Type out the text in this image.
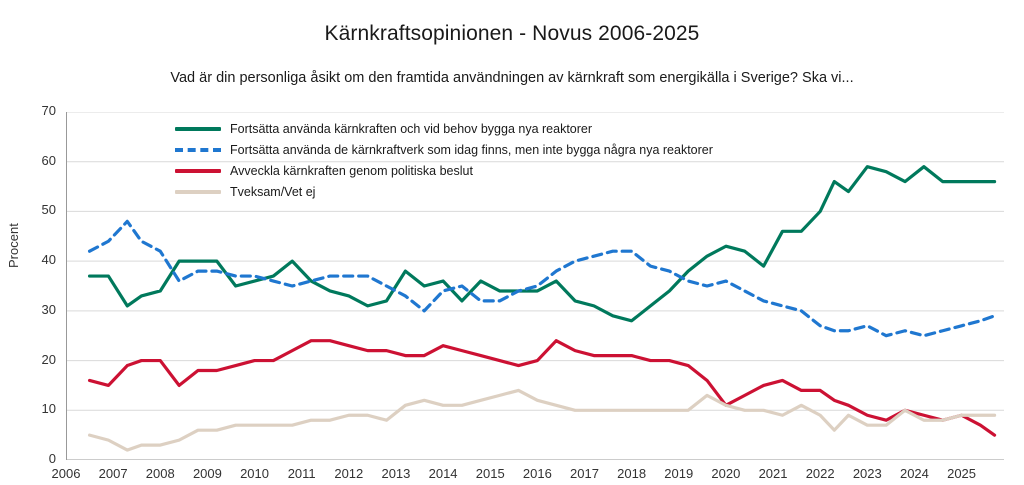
Kärnkraftsopinionen - Novus 2006-2025
Vad är din personliga åsikt om den framtida användningen av kärnkraft som energikälla i Sverige? Ska vi...
Procent
Fortsätta använda kärnkraften och vid behov bygga nya reaktorer
Fortsätta använda de kärnkraftverk som idag finns, men inte bygga några nya reaktorer
Avveckla kärnkraften genom politiska beslut
Tveksam/Vet ej
0
10
20
30
40
50
60
70
2006	2007	2008	2009	2010	2011	2012	2013	2014	2015	2016	2017	2018	2019	2020	2021	2022	2023	2024	2025
